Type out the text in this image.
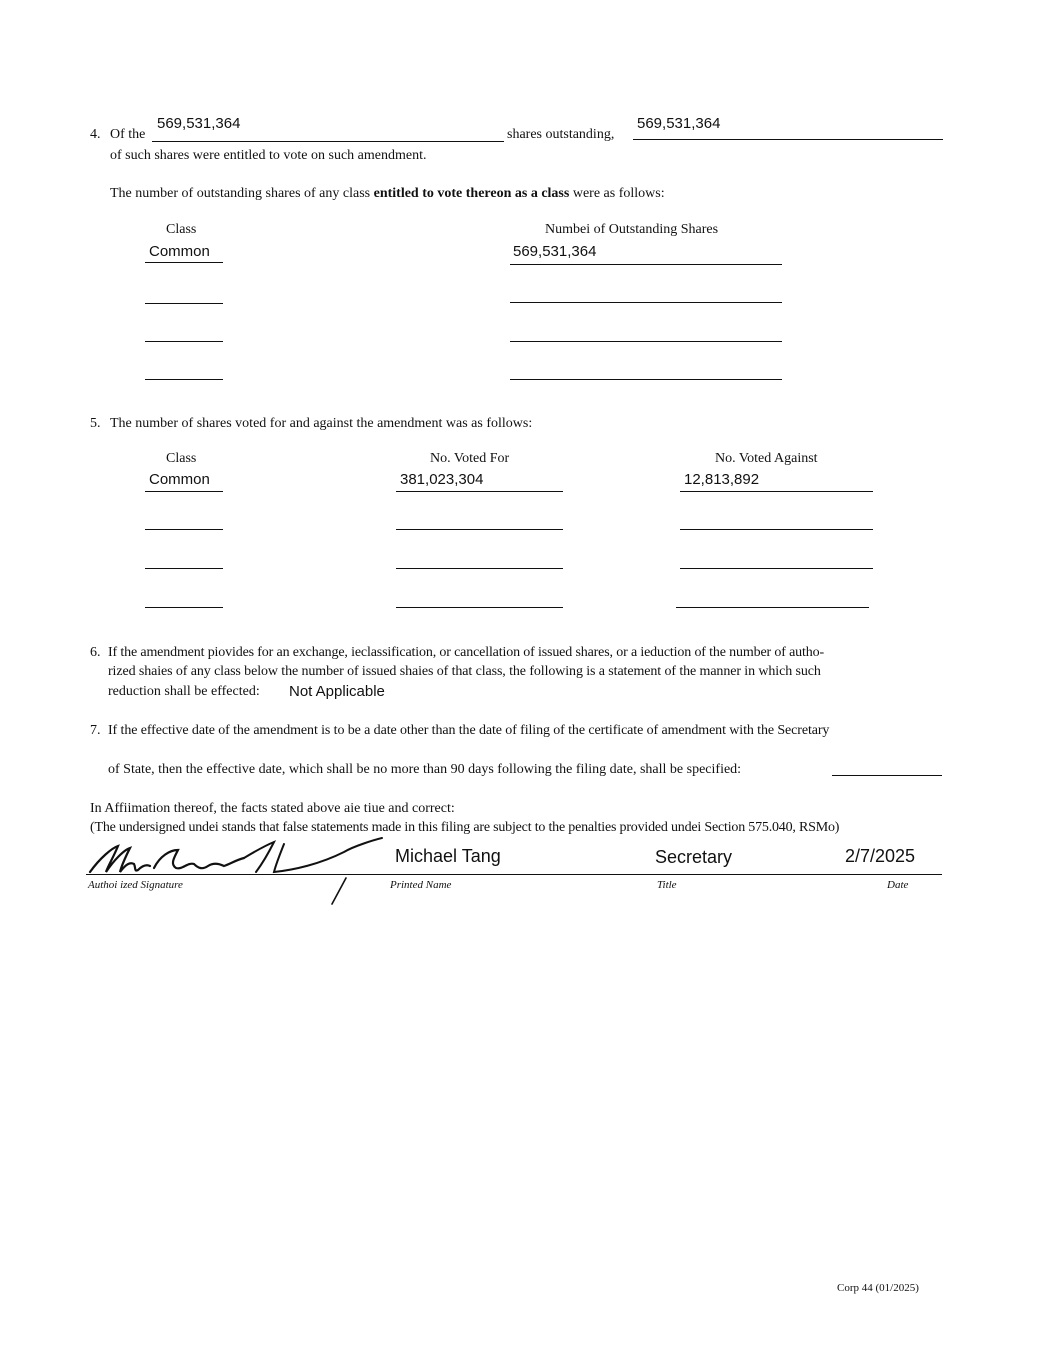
569,531,364
4. Of the	shares outstanding,
569,531,364
of such shares were entitled to vote on such amendment.
The number of outstanding shares of any class entitled to vote thereon as a class were as follows:
Class	Numbei of Outstanding Shares
Common	569,531,364
5. The number of shares voted for and against the amendment was as follows:
Class	No. Voted For	No. Voted Against
Common	381,023,304	12,813,892
6. If the amendment piovides for an exchange, ieclassification, or cancellation of issued shares, or a ieduction of the number of autho-
rized shaies of any class below the number of issued shaies of that class, the following is a statement of the manner in which such
reduction shall be effected: Not Applicable
7. If the effective date of the amendment is to be a date other than the date of filing of the certificate of amendment with the Secretary
of State, then the effective date, which shall be no more than 90 days following the filing date, shall be specified:
In Affiimation thereof, the facts stated above aie tiue and correct:
(The undersigned undei stands that false statements made in this filing are subject to the penalties provided undei Section 575.040, RSMo)
Michael Tang	Secretary	2/7/2025
Authoi ized Signature	Printed Name	Title	Date
Corp 44 (01/2025)
